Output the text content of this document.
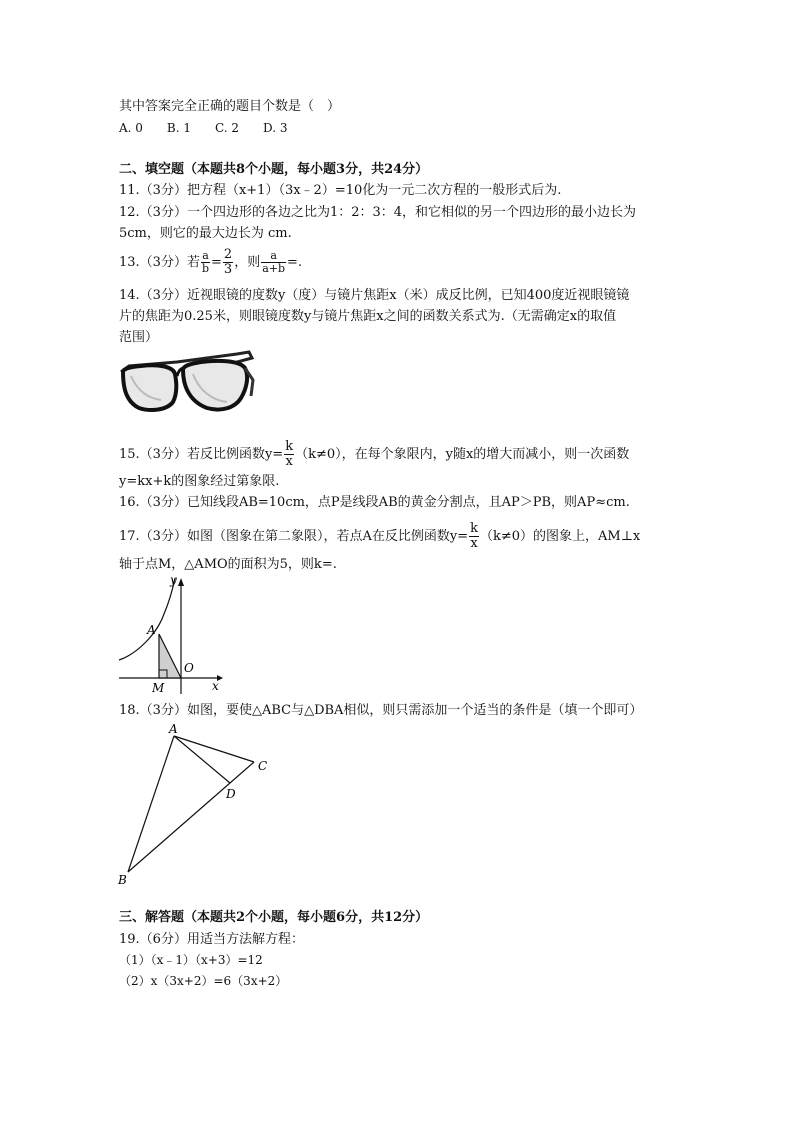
其中答案完全正确的题目个数是（　）
A. 0　　B. 1　　C. 2　　D. 3
二、填空题（本题共8个小题，每小题3分，共24分）
11.（3分）把方程（x+1）（3x﹣2）=10化为一元二次方程的一般形式后为.
12.（3分）一个四边形的各边之比为1：2：3：4，和它相似的另一个四边形的最小边长为
5cm，则它的最大边长为 cm.
13.（3分）若 $\frac{a}{b} = \frac{2}{3}$ ，则 $\frac{a}{a+b}$ =.
14.（3分）近视眼镜的度数y（度）与镜片焦距x（米）成反比例，已知400度近视眼镜镜
片的焦距为0.25米，则眼镜度数y与镜片焦距x之间的函数关系式为.（无需确定x的取值
范围）
15.（3分）若反比例函数$y= \frac{k}{x} (k\ne 0)$，在每个象限内，y随x的增大而减小，则一次函数
y=kx+k的图象经过第象限.
16.（3分）已知线段AB=10cm，点P是线段AB的黄金分割点，且AP＞PB，则AP≈cm.
17.（3分）如图（图象在第二象限），若点A在反比例函数$y= \frac{k}{x} (k\ne 0)$的图象上，AM⊥x
轴于点M，△AMO的面积为5，则k=.
y
A
O
M	x
18.（3分）如图，要使△ABC与△DBA相似，则只需添加一个适当的条件是（填一个即可）
A
B
C
D
三、解答题（本题共2个小题，每小题6分，共12分）
19.（6分）用适当方法解方程：
（1）（x﹣1）（x+3）=12
（2）x（3x+2）=6（3x+2）
